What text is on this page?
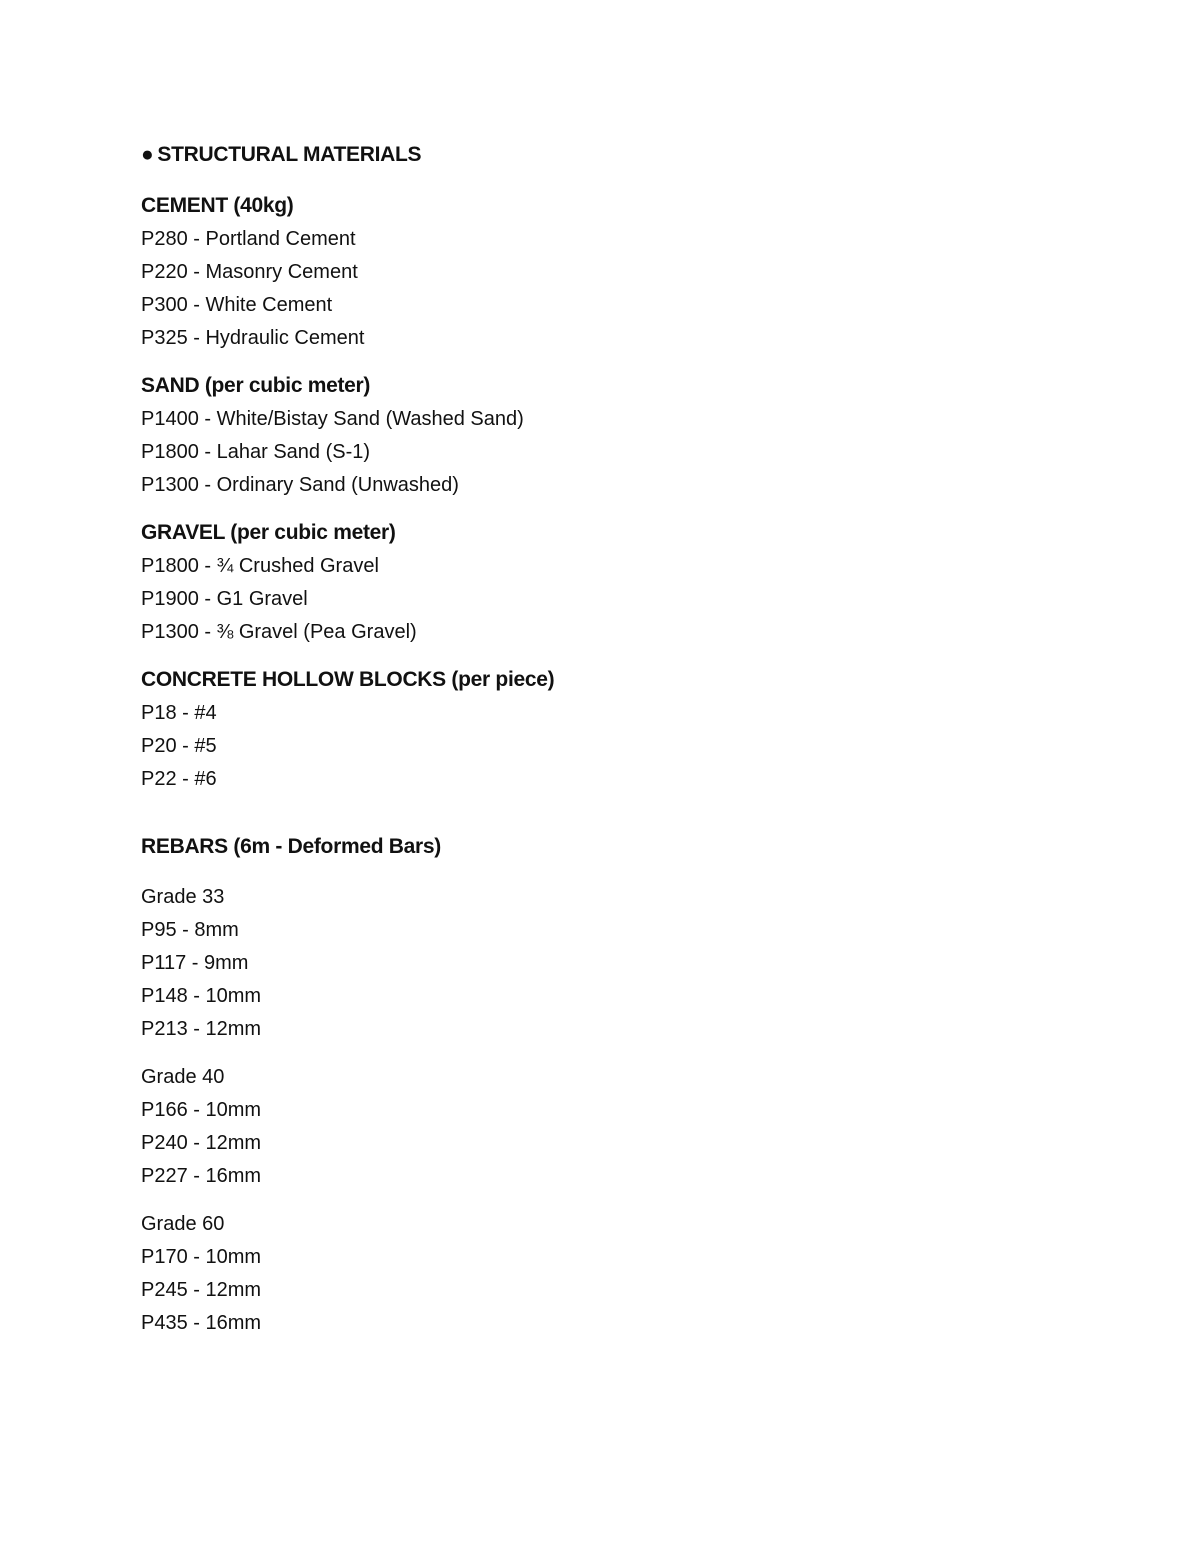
● STRUCTURAL MATERIALS
CEMENT (40kg)
P280 - Portland Cement
P220 - Masonry Cement
P300 - White Cement
P325 - Hydraulic Cement
SAND (per cubic meter)
P1400 - White/Bistay Sand (Washed Sand)
P1800 - Lahar Sand (S-1)
P1300 - Ordinary Sand (Unwashed)
GRAVEL (per cubic meter)
P1800 - ¾ Crushed Gravel
P1900 - G1 Gravel
P1300 - ⅜ Gravel (Pea Gravel)
CONCRETE HOLLOW BLOCKS (per piece)
P18 - #4
P20 - #5
P22 - #6
REBARS (6m - Deformed Bars)
Grade 33
P95 - 8mm
P117 - 9mm
P148 - 10mm
P213 - 12mm
Grade 40
P166 - 10mm
P240 - 12mm
P227 - 16mm
Grade 60
P170 - 10mm
P245 - 12mm
P435 - 16mm
